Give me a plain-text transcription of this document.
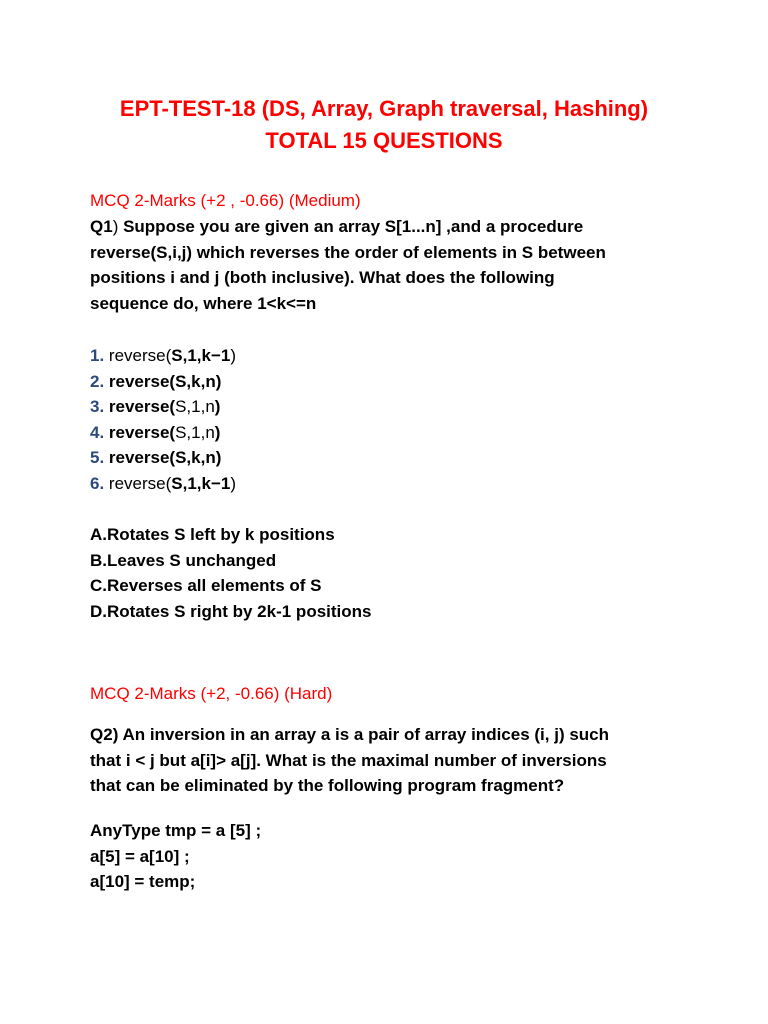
EPT-TEST-18 (DS, Array, Graph traversal, Hashing)
TOTAL 15 QUESTIONS

MCQ 2-Marks (+2 , -0.66) (Medium)

Q1) Suppose you are given an array S[1...n] ,and a procedure
reverse(S,i,j) which reverses the order of elements in S between
positions i and j (both inclusive). What does the following
sequence do, where 1<k<=n
1. reverse(S,1,k−1)
2. reverse(S,k,n)
3. reverse(S,1,n)
4. reverse(S,1,n)
5. reverse(S,k,n)
6. reverse(S,1,k−1)
A.Rotates S left by k positions
B.Leaves S unchanged
C.Reverses all elements of S
D.Rotates S right by 2k-1 positions

MCQ 2-Marks (+2, -0.66) (Hard)

Q2) An inversion in an array a is a pair of array indices (i, j) such
that i < j but a[i]> a[j]. What is the maximal number of inversions
that can be eliminated by the following program fragment?
AnyType tmp = a [5] ;
a[5] = a[10] ;
a[10] = temp;
